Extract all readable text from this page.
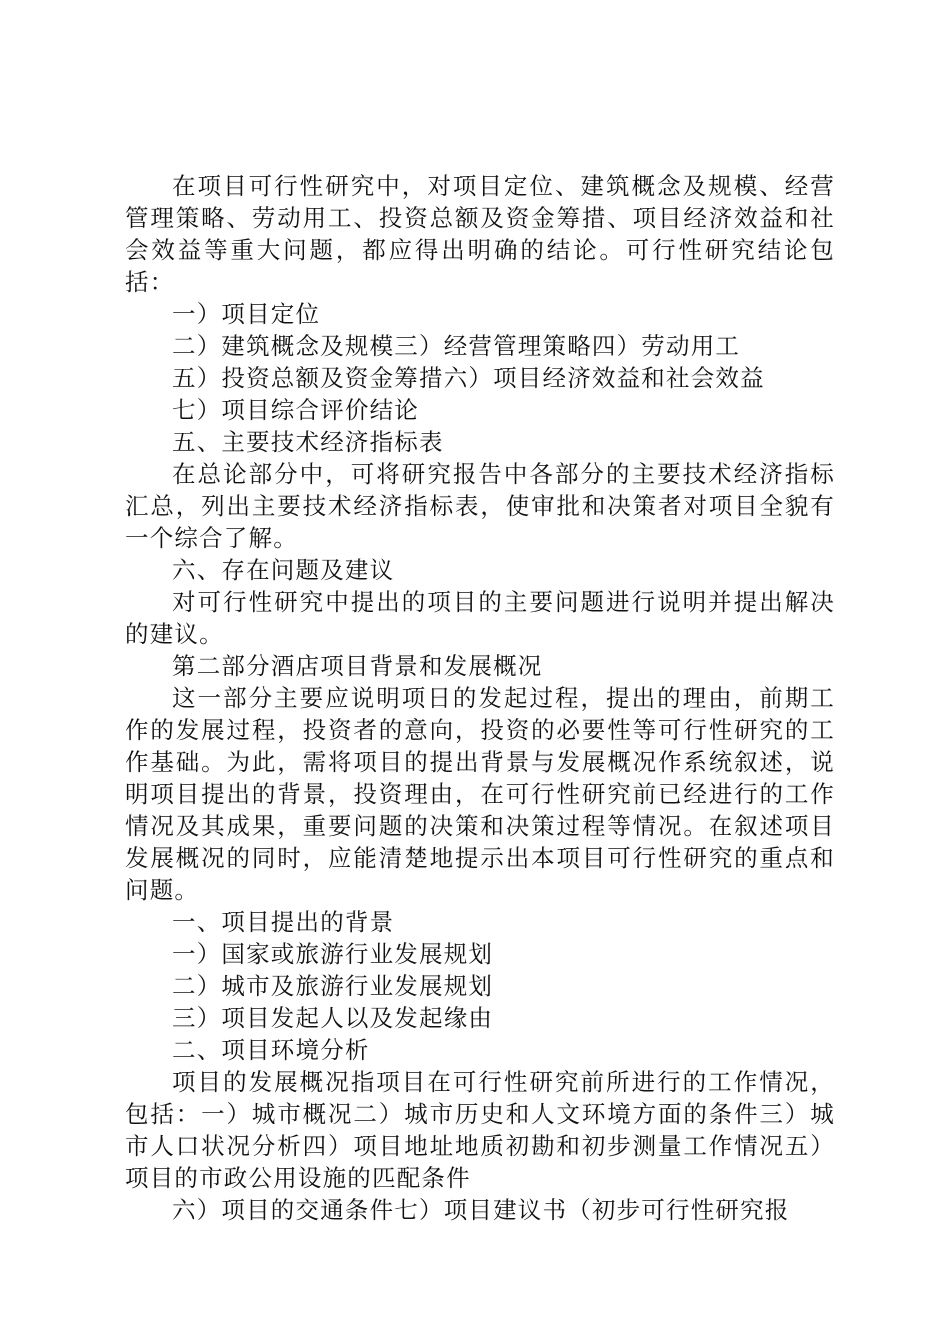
在项目可行性研究中，对项目定位、建筑概念及规模、经营管理策略、劳动用工、投资总额及资金筹措、项目经济效益和社会效益等重大问题，都应得出明确的结论。可行性研究结论包括：

一）项目定位

二）建筑概念及规模三）经营管理策略四）劳动用工

五）投资总额及资金筹措六）项目经济效益和社会效益

七）项目综合评价结论

五、主要技术经济指标表

在总论部分中，可将研究报告中各部分的主要技术经济指标汇总，列出主要技术经济指标表，使审批和决策者对项目全貌有一个综合了解。

六、存在问题及建议

对可行性研究中提出的项目的主要问题进行说明并提出解决的建议。

第二部分酒店项目背景和发展概况

这一部分主要应说明项日的发起过程，提出的理由，前期工作的发展过程，投资者的意向，投资的必要性等可行性研究的工作基础。为此，需将项目的提出背景与发展概况作系统叙述，说明项目提出的背景，投资理由，在可行性研究前已经进行的工作情况及其成果，重要问题的决策和决策过程等情况。在叙述项目发展概况的同时，应能清楚地提示出本项目可行性研究的重点和问题。

一、项目提出的背景

一）国家或旅游行业发展规划

二）城市及旅游行业发展规划

三）项目发起人以及发起缘由

二、项目环境分析

项目的发展概况指项目在可行性研究前所进行的工作情况，包括：一）城市概况二）城市历史和人文环境方面的条件三）城市人口状况分析四）项目地址地质初勘和初步测量工作情况五）项目的市政公用设施的匹配条件

六）项目的交通条件七）项目建议书（初步可行性研究报
